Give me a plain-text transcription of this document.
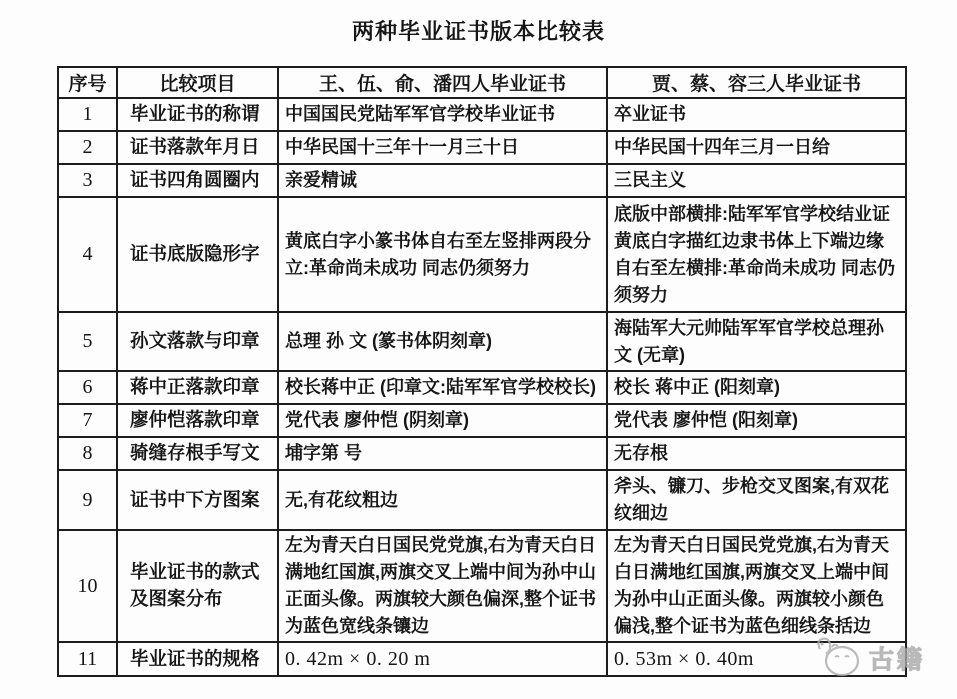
两种毕业证书版本比较表
序号	比较项目	王、伍、俞、潘四人毕业证书	贾、蔡、容三人毕业证书
1	毕业证书的称谓	中国国民党陆军军官学校毕业证书	卒业证书
2	证书落款年月日	中华民国十三年十一月三十日	中华民国十四年三月一日给
3	证书四角圆圈内	亲爱精诚	三民主义
4	证书底版隐形字	黄底白字小篆书体自右至左竖排两段分立:革命尚未成功 同志仍须努力	底版中部横排:陆军军官学校结业证黄底白字描红边隶书体上下端边缘自右至左横排:革命尚未成功 同志仍须努力
5	孙文落款与印章	总理 孙 文 (篆书体阴刻章)	海陆军大元帅陆军军官学校总理孙文 (无章)
6	蒋中正落款印章	校长蒋中正 (印章文:陆军军官学校校长)	校长 蒋中正 (阳刻章)
7	廖仲恺落款印章	党代表 廖仲恺 (阴刻章)	党代表 廖仲恺 (阳刻章)
8	骑缝存根手写文	埔字第 号	无存根
9	证书中下方图案	无,有花纹粗边	斧头、镰刀、步枪交叉图案,有双花纹细边
10	毕业证书的款式及图案分布	左为青天白日国民党党旗,右为青天白日满地红国旗,两旗交叉上端中间为孙中山正面头像。两旗较大颜色偏深,整个证书为蓝色宽线条镶边	左为青天白日国民党党旗,右为青天白日满地红国旗,两旗交叉上端中间为孙中山正面头像。两旗较小颜色偏浅,整个证书为蓝色细线条括边
11	毕业证书的规格	0. 42m × 0. 20 m	0. 53m × 0. 40m	古籍
